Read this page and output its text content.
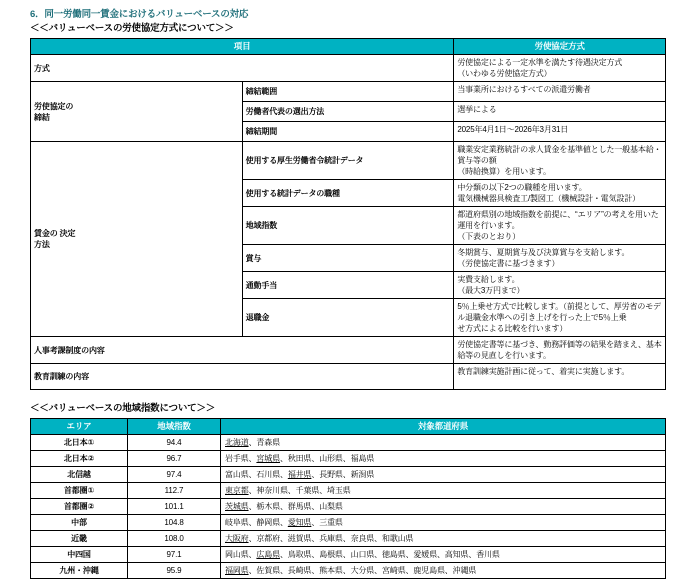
6．同一労働同一賃金におけるバリューベースの対応
＜＜バリューベースの労使協定方式について＞＞
項目		労使協定方式
方式		労使協定による一定水準を満たす待遇決定方式
（いわゆる労使協定方式）

労使協定の
締結	締結範囲	当事業所におけるすべての派遣労働者

	労働者代表の選出方法	選挙による

	締結期間	2025年4月1日〜2026年3月31日

賃金の 決定
方法	使用する厚生労働省令統計データ	職業安定業務統計の求人賃金を基準値とした一般基本給・賞与等の額
（時給換算）を用います。

	使用する統計データの職種	中分類の以下2つの職種を用います。
電気機械器具検査工/製図工（機械設計・電気設計）

	地域指数	都道府県別の地域指数を前提に、“エリア”の考えを用いた運用を行います。
（下表のとおり）

	賞与	冬期賞与、夏期賞与及び決算賞与を支給します。
（労使協定書に基づきます）

	通勤手当	実費支給します。
（最大3万円まで）

	退職金	5％上乗せ方式で比較します。（前提として、厚労省のモデル退職金水準への引き上げを行った上で5％上乗
せ方式による比較を行います）

人事考課制度の内容		労使協定書等に基づき、勤務評価等の結果を踏まえ、基本給等の見直しを行います。

教育訓練の内容		教育訓練実施計画に従って、着実に実施します。
＜＜バリューベースの地域指数について＞＞
エリア	地域指数	対象都道府県
北日本①	94.4	北海道、青森県
北日本②	96.7	岩手県、宮城県、秋田県、山形県、福島県
北信越	97.4	富山県、石川県、福井県、長野県、新潟県
首都圏①	112.7	東京都、神奈川県、千葉県、埼玉県
首都圏②	101.1	茨城県、栃木県、群馬県、山梨県
中部	104.8	岐阜県、静岡県、愛知県、三重県
近畿	108.0	大阪府、京都府、滋賀県、兵庫県、奈良県、和歌山県
中四国	97.1	岡山県、広島県、鳥取県、島根県、山口県、徳島県、愛媛県、高知県、香川県
九州・沖縄	95.9	福岡県、佐賀県、長崎県、熊本県、大分県、宮崎県、鹿児島県、沖縄県
